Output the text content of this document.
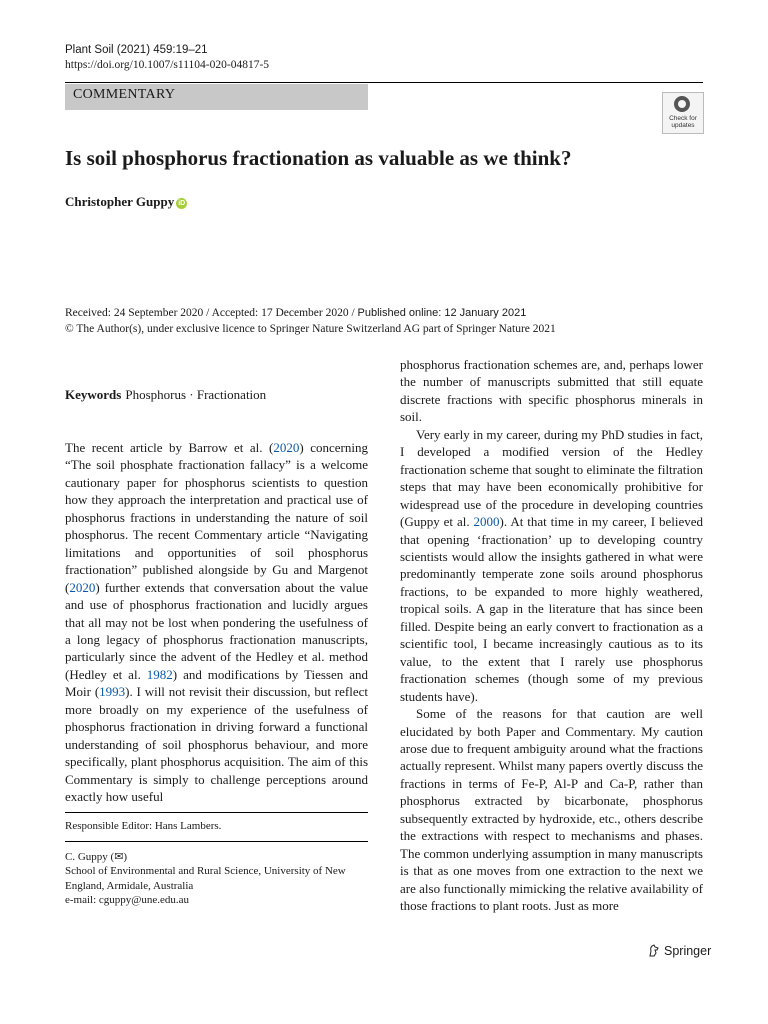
Plant Soil (2021) 459:19–21
https://doi.org/10.1007/s11104-020-04817-5
COMMENTARY
Check for updates
Is soil phosphorus fractionation as valuable as we think?
Christopher Guppy iD
Received: 24 September 2020 / Accepted: 17 December 2020 / Published online: 12 January 2021
© The Author(s), under exclusive licence to Springer Nature Switzerland AG part of Springer Nature 2021
Keywords Phosphorus · Fractionation

The recent article by Barrow et al. (2020) concerning “The soil phosphate fractionation fallacy” is a welcome cautionary paper for phosphorus scientists to question how they approach the interpretation and practical use of phosphorus fractions in understanding the nature of soil phosphorus. The recent Commentary article “Navigating limitations and opportunities of soil phosphorus fractionation” published alongside by Gu and Margenot (2020) further extends that conversation about the value and use of phosphorus fractionation and lucidly argues that all may not be lost when pondering the usefulness of a long legacy of phosphorus fractionation manuscripts, particularly since the advent of the Hedley et al. method (Hedley et al. 1982) and modifications by Tiessen and Moir (1993). I will not revisit their discussion, but reflect more broadly on my experience of the usefulness of phosphorus fractionation in driving forward a functional understanding of soil phosphorus behaviour, and more specifically, plant phosphorus acquisition. The aim of this Commentary is simply to challenge perceptions around exactly how useful

Responsible Editor: Hans Lambers.
C. Guppy (✉)
School of Environmental and Rural Science, University of New England, Armidale, Australia
e-mail: cguppy@une.edu.au

phosphorus fractionation schemes are, and, perhaps lower the number of manuscripts submitted that still equate discrete fractions with specific phosphorus minerals in soil.

Very early in my career, during my PhD studies in fact, I developed a modified version of the Hedley fractionation scheme that sought to eliminate the filtration steps that may have been economically prohibitive for widespread use of the procedure in developing countries (Guppy et al. 2000). At that time in my career, I believed that opening ‘fractionation’ up to developing country scientists would allow the insights gathered in what were predominantly temperate zone soils around phosphorus fractions, to be expanded to more highly weathered, tropical soils. A gap in the literature that has since been filled. Despite being an early convert to fractionation as a scientific tool, I became increasingly cautious as to its value, to the extent that I rarely use phosphorus fractionation schemes (though some of my previous students have).

Some of the reasons for that caution are well elucidated by both Paper and Commentary. My caution arose due to frequent ambiguity around what the fractions actually represent. Whilst many papers overtly discuss the fractions in terms of Fe-P, Al-P and Ca-P, rather than phosphorus extracted by bicarbonate, phosphorus subsequently extracted by hydroxide, etc., others describe the extractions with respect to mechanisms and phases. The common underlying assumption in many manuscripts is that as one moves from one extraction to the next we are also functionally mimicking the relative availability of those fractions to plant roots. Just as more

Springer
